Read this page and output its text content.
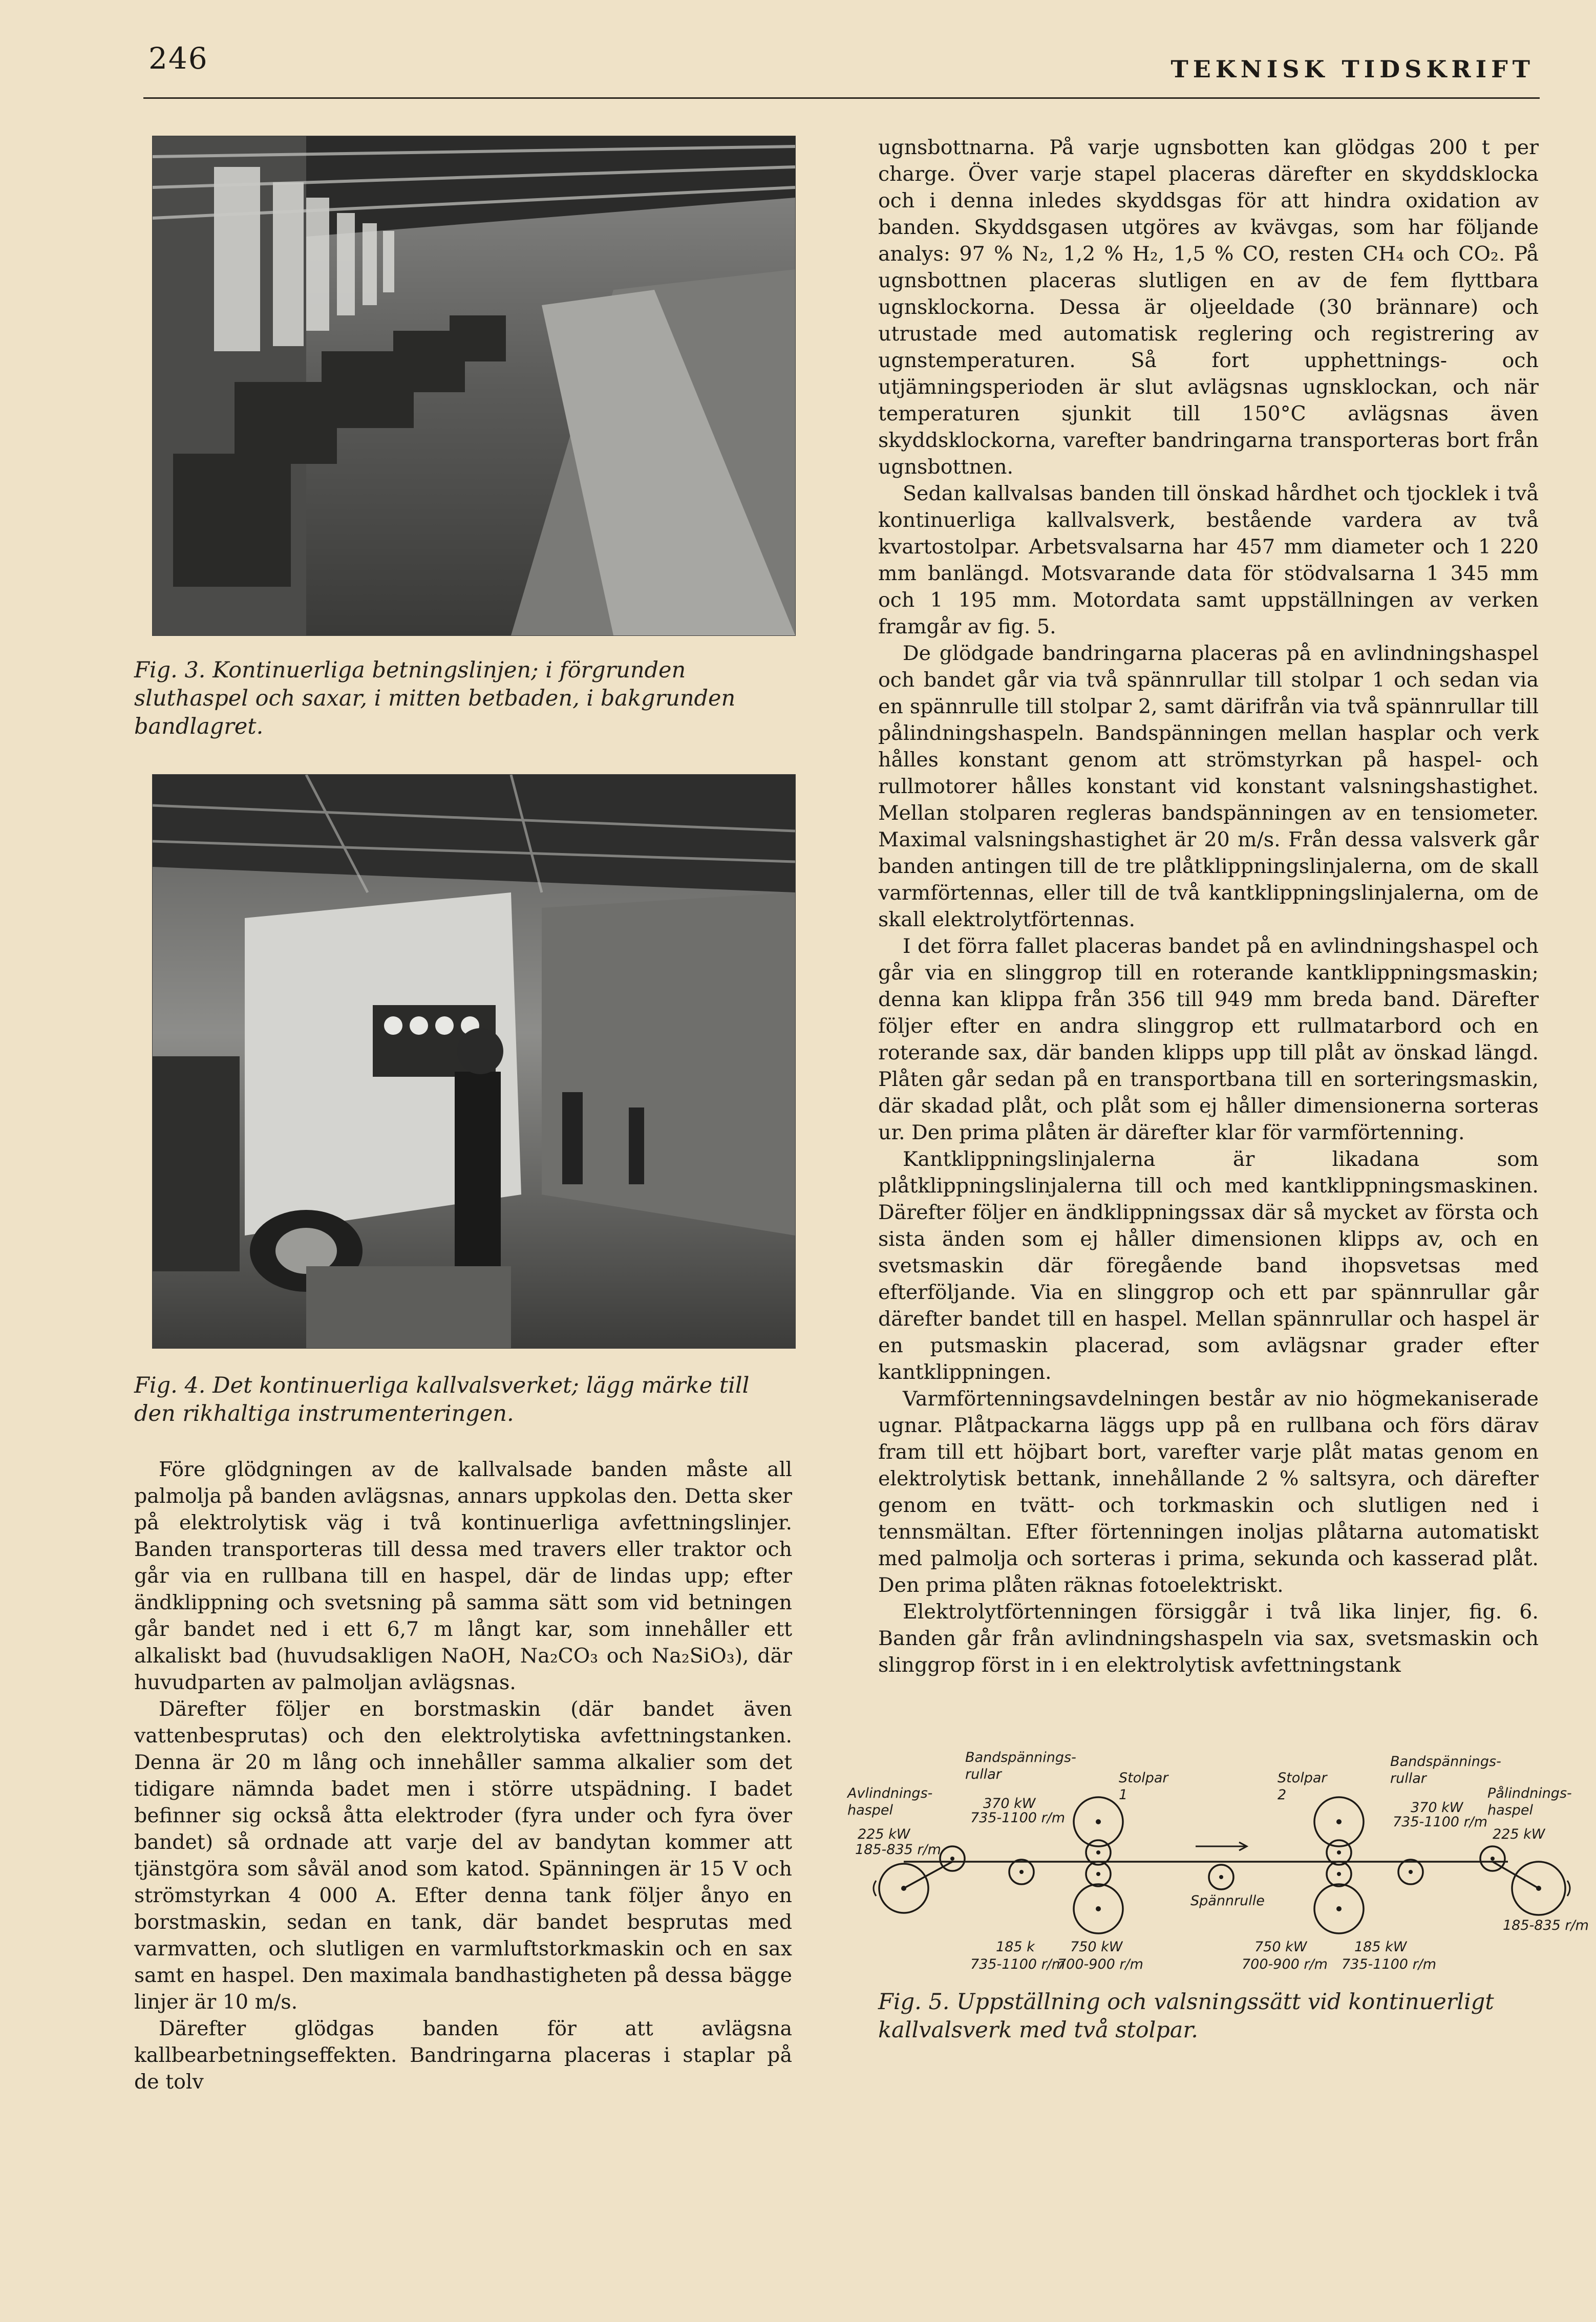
246	TEKNISK TIDSKRIFT
Fig. 3. Kontinuerliga betningslinjen; i förgrunden sluthaspel och saxar, i mitten betbaden, i bakgrunden bandlagret.
Fig. 4. Det kontinuerliga kallvalsverket; lägg märke till den rikhaltiga instrumenteringen.

Före glödgningen av de kallvalsade banden måste all palmolja på banden avlägsnas, annars uppkolas den. Detta sker på elektrolytisk väg i två kontinuerliga avfettningslinjer. Banden transporteras till dessa med travers eller traktor och går via en rullbana till en haspel, där de lindas upp; efter ändklippning och svetsning på samma sätt som vid betningen går bandet ned i ett 6,7 m långt kar, som innehåller ett alkaliskt bad (huvudsakligen NaOH, Na₂CO₃ och Na₂SiO₃), där huvudparten av palmoljan avlägsnas.

Därefter följer en borstmaskin (där bandet även vattenbesprutas) och den elektrolytiska avfettningstanken. Denna är 20 m lång och innehåller samma alkalier som det tidigare nämnda badet men i större utspädning. I badet befinner sig också åtta elektroder (fyra under och fyra över bandet) så ordnade att varje del av bandytan kommer att tjänstgöra som såväl anod som katod. Spänningen är 15 V och strömstyrkan 4 000 A. Efter denna tank följer ånyo en borstmaskin, sedan en tank, där bandet besprutas med varmvatten, och slutligen en varmluftstorkmaskin och en sax samt en haspel. Den maximala bandhastigheten på dessa bägge linjer är 10 m/s.

Därefter glödgas banden för att avlägsna kallbearbetningseffekten. Bandringarna placeras i staplar på de tolv

ugnsbottnarna. På varje ugnsbotten kan glödgas 200 t per charge. Över varje stapel placeras därefter en skyddsklocka och i denna inledes skyddsgas för att hindra oxidation av banden. Skyddsgasen utgöres av kvävgas, som har följande analys: 97 % N₂, 1,2 % H₂, 1,5 % CO, resten CH₄ och CO₂. På ugnsbottnen placeras slutligen en av de fem flyttbara ugnsklockorna. Dessa är oljeeldade (30 brännare) och utrustade med automatisk reglering och registrering av ugnstemperaturen. Så fort upphettnings- och utjämningsperioden är slut avlägsnas ugnsklockan, och när temperaturen sjunkit till 150°C avlägsnas även skyddsklockorna, varefter bandringarna transporteras bort från ugnsbottnen.

Sedan kallvalsas banden till önskad hårdhet och tjocklek i två kontinuerliga kallvalsverk, bestående vardera av två kvartostolpar. Arbetsvalsarna har 457 mm diameter och 1 220 mm banlängd. Motsvarande data för stödvalsarna 1 345 mm och 1 195 mm. Motordata samt uppställningen av verken framgår av fig. 5.

De glödgade bandringarna placeras på en avlindningshaspel och bandet går via två spännrullar till stolpar 1 och sedan via en spännrulle till stolpar 2, samt därifrån via två spännrullar till pålindningshaspeln. Bandspänningen mellan hasplar och verk hålles konstant genom att strömstyrkan på haspel- och rullmotorer hålles konstant vid konstant valsningshastighet. Mellan stolparen regleras bandspänningen av en tensiometer. Maximal valsningshastighet är 20 m/s. Från dessa valsverk går banden antingen till de tre plåtklippningslinjalerna, om de skall varmförtennas, eller till de två kantklippningslinjalerna, om de skall elektrolytförtennas.

I det förra fallet placeras bandet på en avlindningshaspel och går via en slinggrop till en roterande kantklippningsmaskin; denna kan klippa från 356 till 949 mm breda band. Därefter följer efter en andra slinggrop ett rullmatarbord och en roterande sax, där banden klipps upp till plåt av önskad längd. Plåten går sedan på en transportbana till en sorteringsmaskin, där skadad plåt, och plåt som ej håller dimensionerna sorteras ur. Den prima plåten är därefter klar för varmförtenning.

Kantklippningslinjalerna är likadana som plåtklippningslinjalerna till och med kantklippningsmaskinen. Därefter följer en ändklippningssax där så mycket av första och sista änden som ej håller dimensionen klipps av, och en svetsmaskin där föregående band ihopsvetsas med efterföljande. Via en slinggrop och ett par spännrullar går därefter bandet till en haspel. Mellan spännrullar och haspel är en putsmaskin placerad, som avlägsnar grader efter kantklippningen.

Varmförtenningsavdelningen består av nio högmekaniserade ugnar. Plåtpackarna läggs upp på en rullbana och förs därav fram till ett höjbart bort, varefter varje plåt matas genom en elektrolytisk bettank, innehållande 2 % saltsyra, och därefter genom en tvätt- och torkmaskin och slutligen ned i tennsmältan. Efter förtenningen inoljas plåtarna automatiskt med palmolja och sorteras i prima, sekunda och kasserad plåt. Den prima plåten räknas fotoelektriskt.

Elektrolytförtenningen försiggår i två lika linjer, fig. 6. Banden går från avlindningshaspeln via sax, svetsmaskin och slinggrop först in i en elektrolytisk avfettningstank

Avlindnings-
haspel
225 kW
185-835 r/m
Bandspännings-
rullar
370 kW
735-1100 r/m
Stolpar
1
Stolpar
2
Spännrulle
Bandspännings-
rullar
370 kW
735-1100 r/m
Pålindnings-
haspel
225 kW
185-835 r/m
185 k
735-1100 r/m
750 kW
700-900 r/m
750 kW
700-900 r/m
185 kW
735-1100 r/m
Fig. 5. Uppställning och valsningssätt vid kontinuerligt kallvalsverk med två stolpar.
